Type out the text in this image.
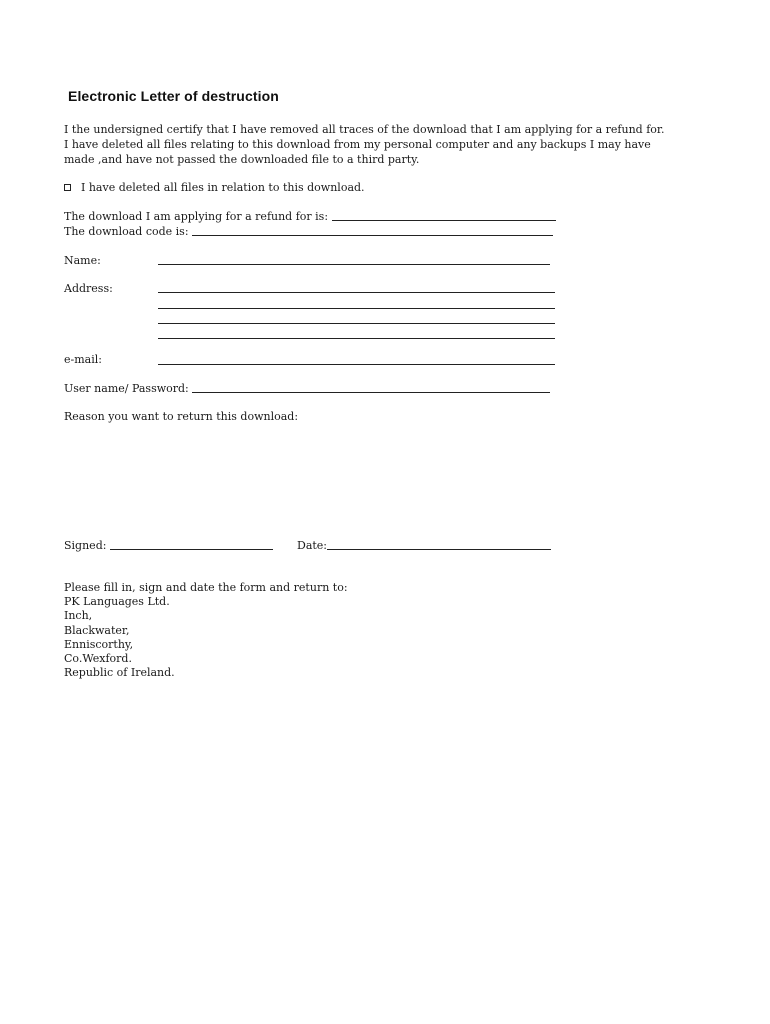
Electronic Letter of destruction
I the undersigned certify that I have removed all traces of the download that I am applying for a refund for.
I have deleted all files relating to this download from my personal computer and any backups I may have
made ,and have not passed the downloaded file to a third party.
I have deleted all files in relation to this download.
The download I am applying for a refund for is:
The download code is:
Name:
Address:
e-mail:
User name/ Password:
Reason you want to return this download:
Signed:	Date:
Please fill in, sign and date the form and return to:
PK Languages Ltd.
Inch,
Blackwater,
Enniscorthy,
Co.Wexford.
Republic of Ireland.
